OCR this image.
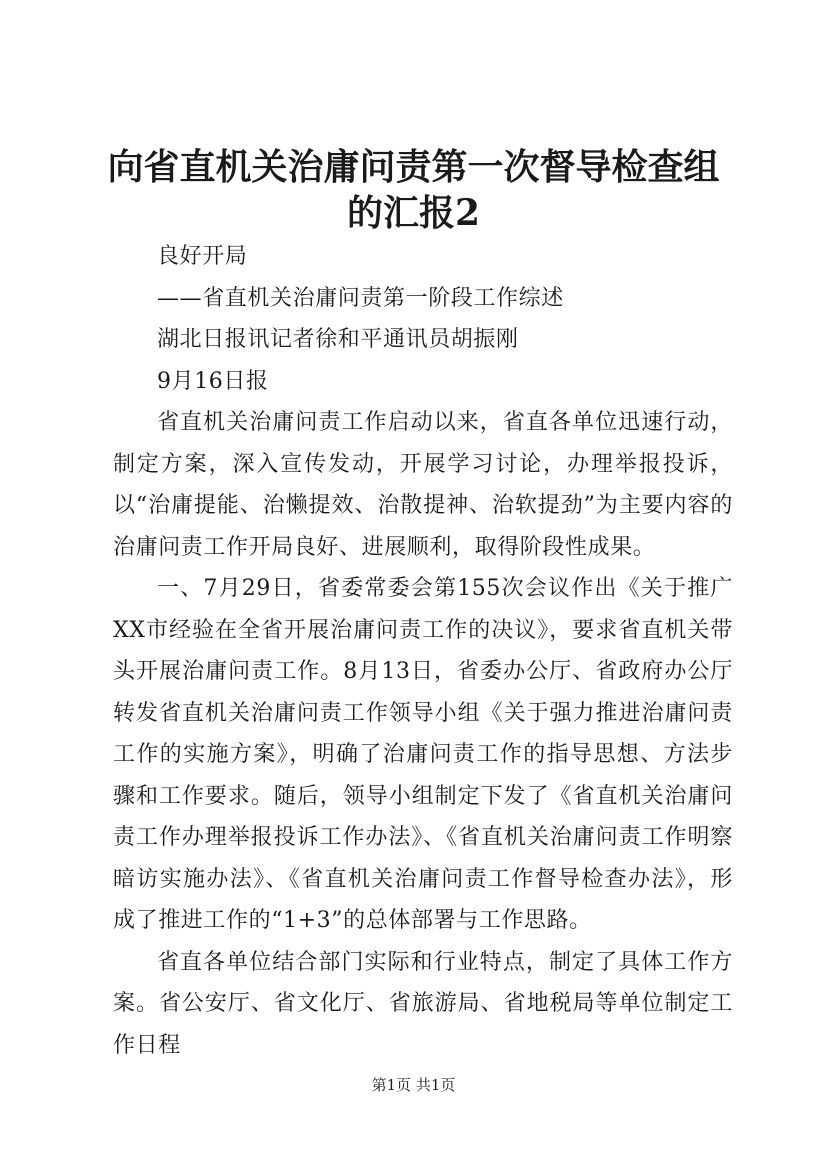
向省直机关治庸问责第一次督导检查组的汇报2

良好开局

——省直机关治庸问责第一阶段工作综述

湖北日报讯记者徐和平通讯员胡振刚

9月16日报

省直机关治庸问责工作启动以来，省直各单位迅速行动，制定方案，深入宣传发动，开展学习讨论，办理举报投诉，以“治庸提能、治懒提效、治散提神、治软提劲”为主要内容的治庸问责工作开局良好、进展顺利，取得阶段性成果。

一、7月29日，省委常委会第155次会议作出《关于推广XX市经验在全省开展治庸问责工作的决议》，要求省直机关带头开展治庸问责工作。8月13日，省委办公厅、省政府办公厅转发省直机关治庸问责工作领导小组《关于强力推进治庸问责工作的实施方案》，明确了治庸问责工作的指导思想、方法步骤和工作要求。随后，领导小组制定下发了《省直机关治庸问责工作办理举报投诉工作办法》、《省直机关治庸问责工作明察暗访实施办法》、《省直机关治庸问责工作督导检查办法》，形成了推进工作的“1+3”的总体部署与工作思路。

省直各单位结合部门实际和行业特点，制定了具体工作方案。省公安厅、省文化厅、省旅游局、省地税局等单位制定工作日程

第1页 共1页
